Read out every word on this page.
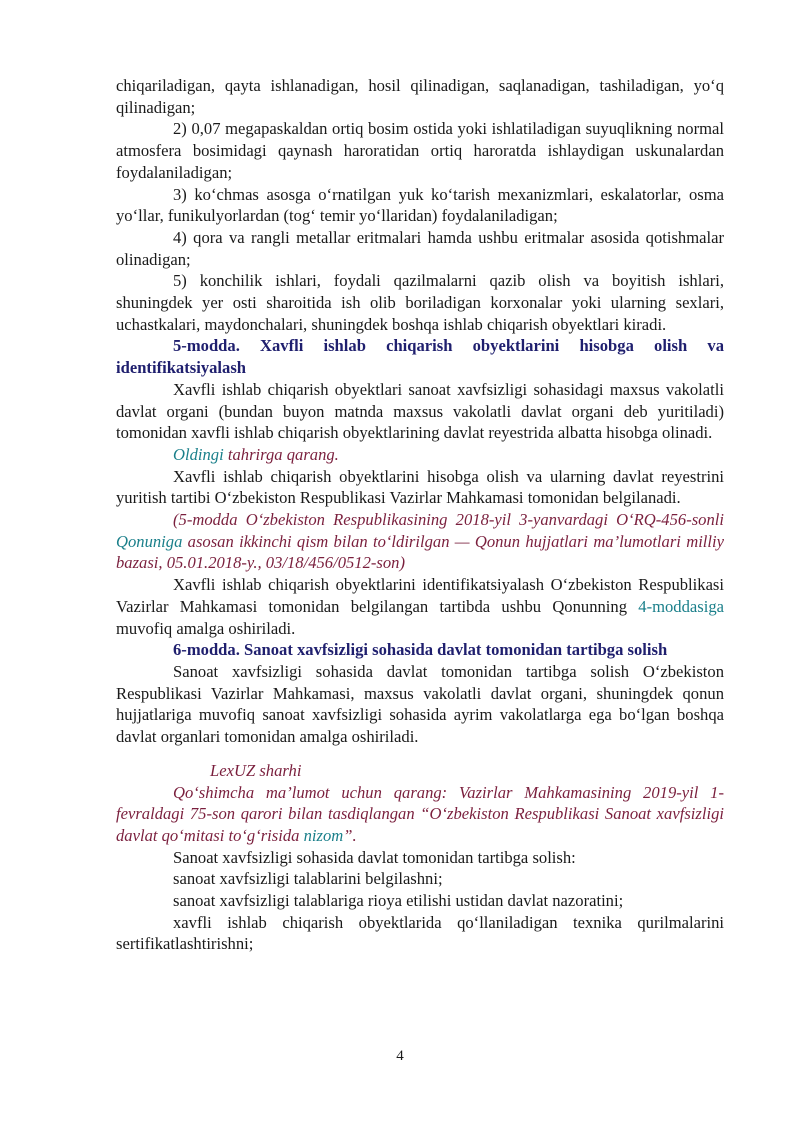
chiqariladigan, qayta ishlanadigan, hosil qilinadigan, saqlanadigan, tashiladigan, yo‘q qilinadigan;

2) 0,07 megapaskaldan ortiq bosim ostida yoki ishlatiladigan suyuqlikning normal atmosfera bosimidagi qaynash haroratidan ortiq haroratda ishlaydigan uskunalardan foydalaniladigan;

3) ko‘chmas asosga o‘rnatilgan yuk ko‘tarish mexanizmlari, eskalatorlar, osma yo‘llar, funikulyorlardan (tog‘ temir yo‘llaridan) foydalaniladigan;

4) qora va rangli metallar eritmalari hamda ushbu eritmalar asosida qotishmalar olinadigan;

5) konchilik ishlari, foydali qazilmalarni qazib olish va boyitish ishlari, shuningdek yer osti sharoitida ish olib boriladigan korxonalar yoki ularning sexlari, uchastkalari, maydonchalari, shuningdek boshqa ishlab chiqarish obyektlari kiradi.

5-modda. Xavfli ishlab chiqarish obyektlarini hisobga olish va identifikatsiyalash

Xavfli ishlab chiqarish obyektlari sanoat xavfsizligi sohasidagi maxsus vakolatli davlat organi (bundan buyon matnda maxsus vakolatli davlat organi deb yuritiladi) tomonidan xavfli ishlab chiqarish obyektlarining davlat reyestrida albatta hisobga olinadi.

Oldingi tahrirga qarang.

Xavfli ishlab chiqarish obyektlarini hisobga olish va ularning davlat reyestrini yuritish tartibi O‘zbekiston Respublikasi Vazirlar Mahkamasi tomonidan belgilanadi.

(5-modda O‘zbekiston Respublikasining 2018-yil 3-yanvardagi O‘RQ-456-sonli Qonuniga asosan ikkinchi qism bilan to‘ldirilgan — Qonun hujjatlari ma’lumotlari milliy bazasi, 05.01.2018-y., 03/18/456/0512-son)

Xavfli ishlab chiqarish obyektlarini identifikatsiyalash O‘zbekiston Respublikasi Vazirlar Mahkamasi tomonidan belgilangan tartibda ushbu Qonunning 4-moddasiga muvofiq amalga oshiriladi.

6-modda. Sanoat xavfsizligi sohasida davlat tomonidan tartibga solish

Sanoat xavfsizligi sohasida davlat tomonidan tartibga solish O‘zbekiston Respublikasi Vazirlar Mahkamasi, maxsus vakolatli davlat organi, shuningdek qonun hujjatlariga muvofiq sanoat xavfsizligi sohasida ayrim vakolatlarga ega bo‘lgan boshqa davlat organlari tomonidan amalga oshiriladi.

LexUZ sharhi

Qo‘shimcha ma’lumot uchun qarang: Vazirlar Mahkamasining 2019-yil 1-fevraldagi 75-son qarori bilan tasdiqlangan “O‘zbekiston Respublikasi Sanoat xavfsizligi davlat qo‘mitasi to‘g‘risida nizom”.

Sanoat xavfsizligi sohasida davlat tomonidan tartibga solish:

sanoat xavfsizligi talablarini belgilashni;

sanoat xavfsizligi talablariga rioya etilishi ustidan davlat nazoratini;

xavfli ishlab chiqarish obyektlarida qo‘llaniladigan texnika qurilmalarini sertifikatlashtirishni;

4
